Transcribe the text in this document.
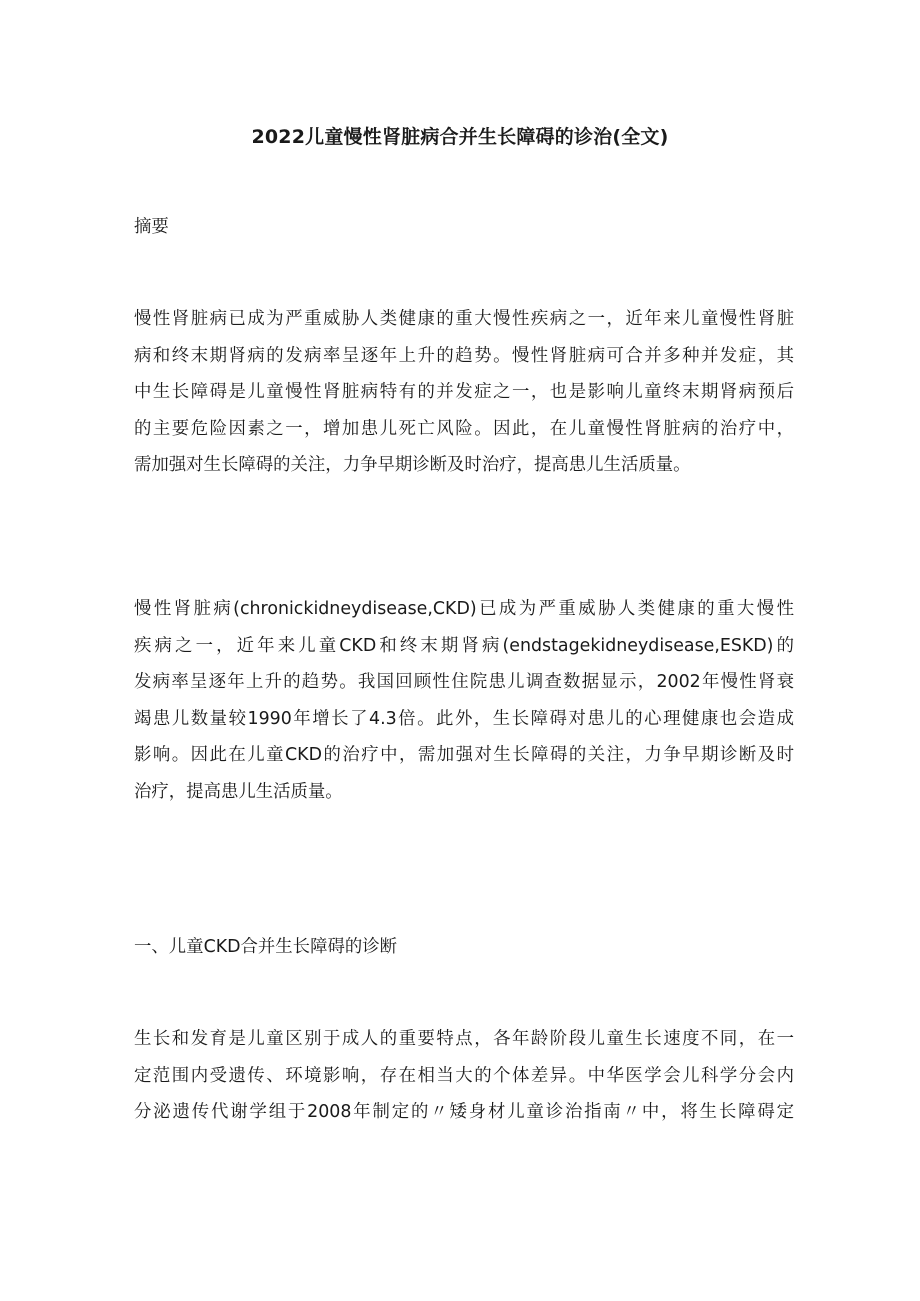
2022儿童慢性肾脏病合并生长障碍的诊治(全文)

摘要

慢性肾脏病已成为严重威胁人类健康的重大慢性疾病之一，近年来儿童慢性肾脏
病和终末期肾病的发病率呈逐年上升的趋势。慢性肾脏病可合并多种并发症，其
中生长障碍是儿童慢性肾脏病特有的并发症之一，也是影响儿童终末期肾病预后
的主要危险因素之一，增加患儿死亡风险。因此，在儿童慢性肾脏病的治疗中，
需加强对生长障碍的关注，力争早期诊断及时治疗，提高患儿生活质量。
慢性肾脏病(chronickidneydisease,CKD)已成为严重威胁人类健康的重大慢性
疾病之一，近年来儿童CKD和终末期肾病(endstagekidneydisease,ESKD)的
发病率呈逐年上升的趋势。我国回顾性住院患儿调查数据显示，2002年慢性肾衰
竭患儿数量较1990年增长了4.3倍。此外，生长障碍对患儿的心理健康也会造成
影响。因此在儿童CKD的治疗中，需加强对生长障碍的关注，力争早期诊断及时
治疗，提高患儿生活质量。

一、儿童CKD合并生长障碍的诊断

生长和发育是儿童区别于成人的重要特点，各年龄阶段儿童生长速度不同，在一
定范围内受遗传、环境影响，存在相当大的个体差异。中华医学会儿科学分会内
分泌遗传代谢学组于2008年制定的〃矮身材儿童诊治指南〃中，将生长障碍定
